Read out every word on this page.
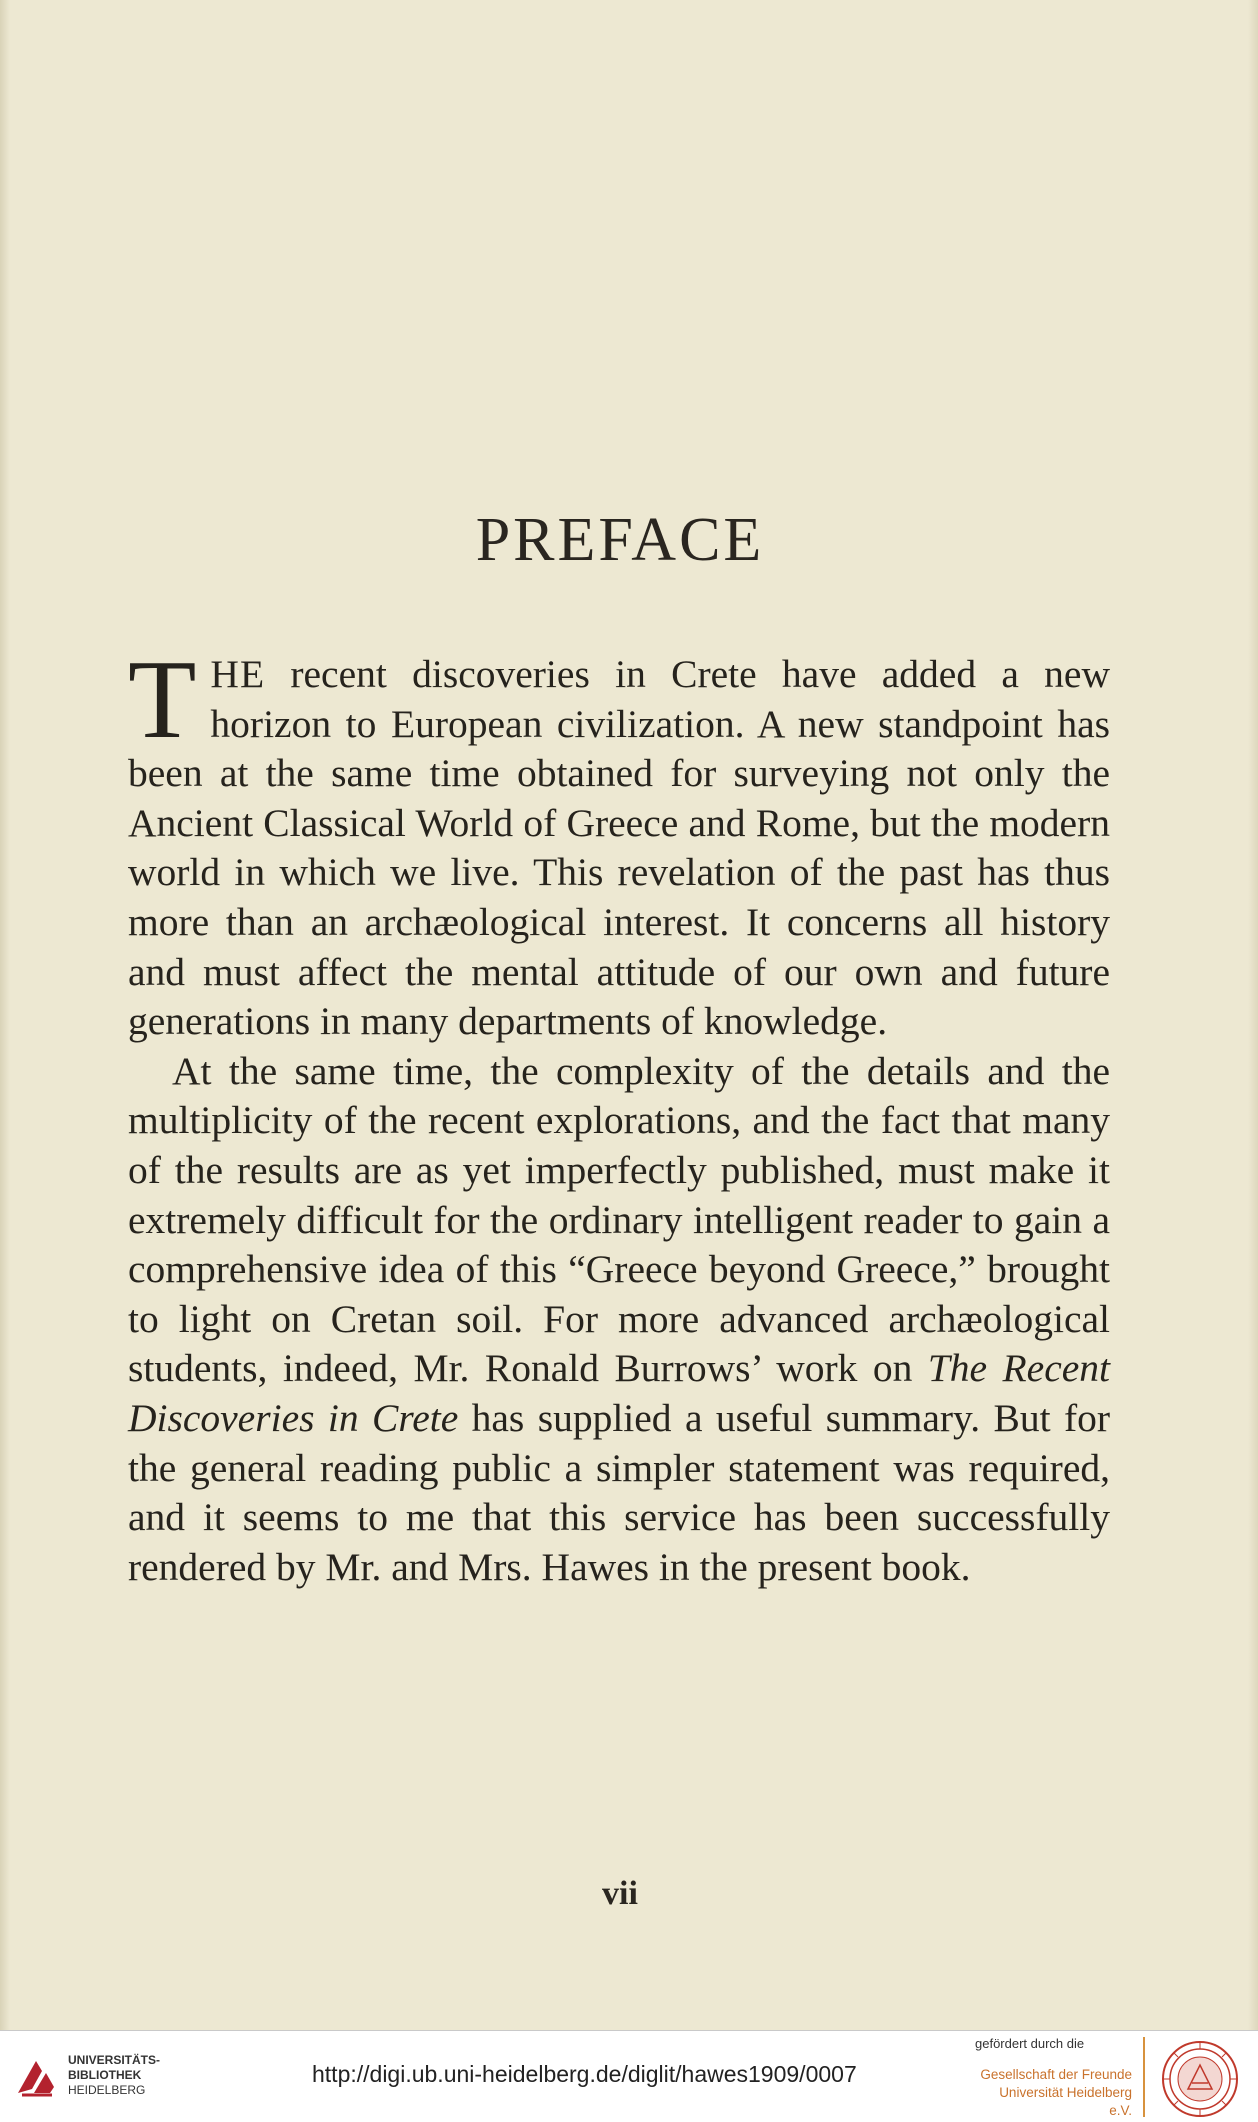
PREFACE

THE recent discoveries in Crete have added a new horizon to European civilization. A new standpoint has been at the same time obtained for surveying not only the Ancient Classical World of Greece and Rome, but the modern world in which we live. This revelation of the past has thus more than an archæological interest. It concerns all history and must affect the mental attitude of our own and future generations in many departments of knowledge.

At the same time, the complexity of the details and the multiplicity of the recent explorations, and the fact that many of the results are as yet imperfectly published, must make it extremely difficult for the ordinary intelligent reader to gain a comprehensive idea of this “Greece beyond Greece,” brought to light on Cretan soil. For more advanced archæological students, indeed, Mr. Ronald Burrows’ work on The Recent Discoveries in Crete has supplied a useful summary. But for the general reading public a simpler statement was required, and it seems to me that this service has been successfully rendered by Mr. and Mrs. Hawes in the present book.

vii
UNIVERSITÄTS-
BIBLIOTHEK
HEIDELBERG
http://digi.ub.uni-heidelberg.de/diglit/hawes1909/0007
gefördert durch die
Gesellschaft der Freunde
Universität Heidelberg e.V.
